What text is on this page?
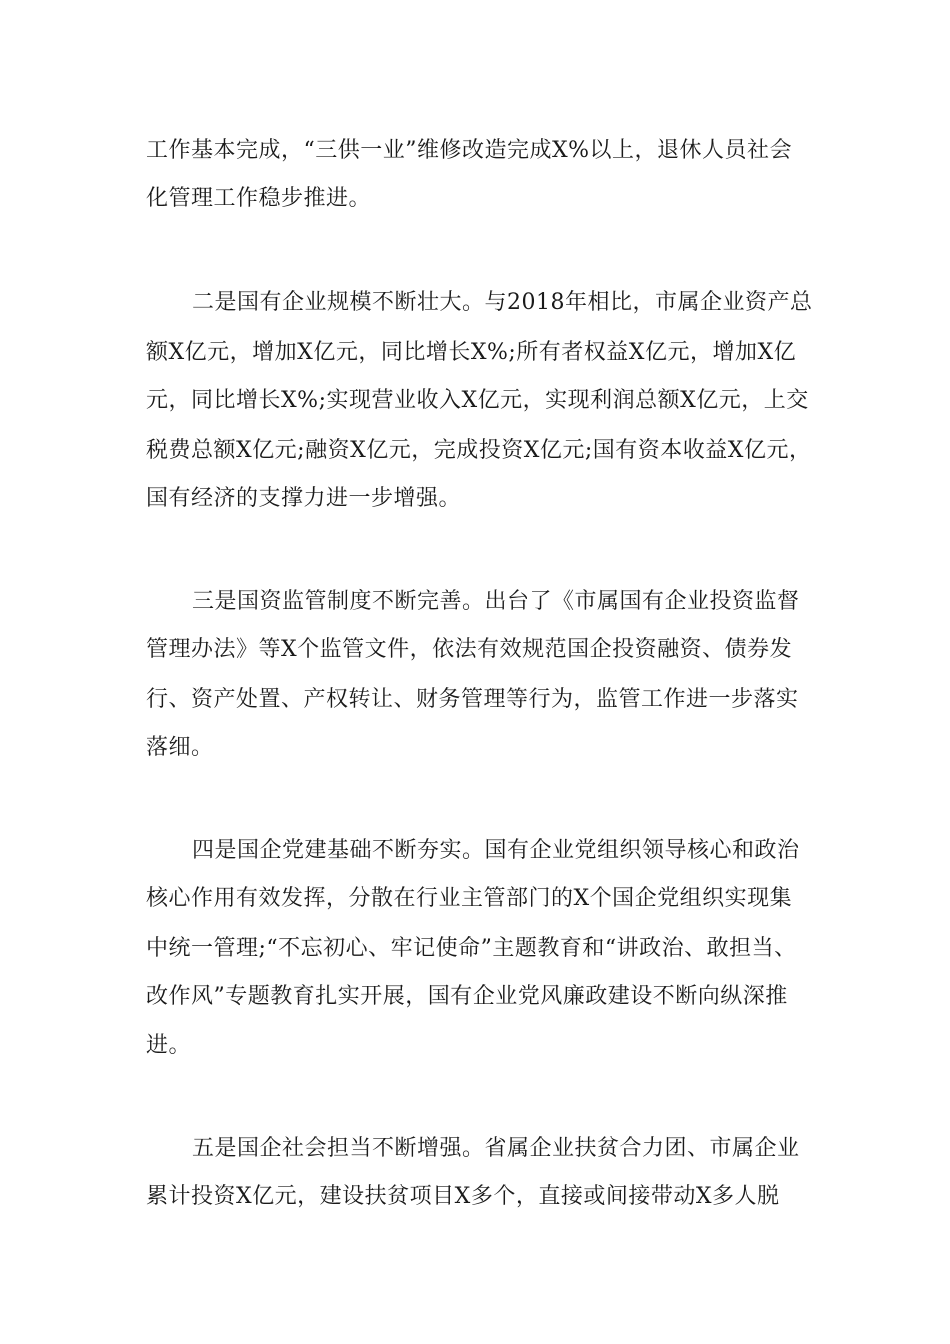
工作基本完成，“三供一业”维修改造完成X%以上，退休人员社会
化管理工作稳步推进。
二是国有企业规模不断壮大。与2018年相比，市属企业资产总
额X亿元，增加X亿元，同比增长X%;所有者权益X亿元，增加X亿
元，同比增长X%;实现营业收入X亿元，实现利润总额X亿元，上交
税费总额X亿元;融资X亿元，完成投资X亿元;国有资本收益X亿元，
国有经济的支撑力进一步增强。
三是国资监管制度不断完善。出台了《市属国有企业投资监督
管理办法》等X个监管文件，依法有效规范国企投资融资、债券发
行、资产处置、产权转让、财务管理等行为，监管工作进一步落实
落细。
四是国企党建基础不断夯实。国有企业党组织领导核心和政治
核心作用有效发挥，分散在行业主管部门的X个国企党组织实现集
中统一管理;“不忘初心、牢记使命”主题教育和“讲政治、敢担当、
改作风”专题教育扎实开展，国有企业党风廉政建设不断向纵深推
进。
五是国企社会担当不断增强。省属企业扶贫合力团、市属企业
累计投资X亿元，建设扶贫项目X多个，直接或间接带动X多人脱
